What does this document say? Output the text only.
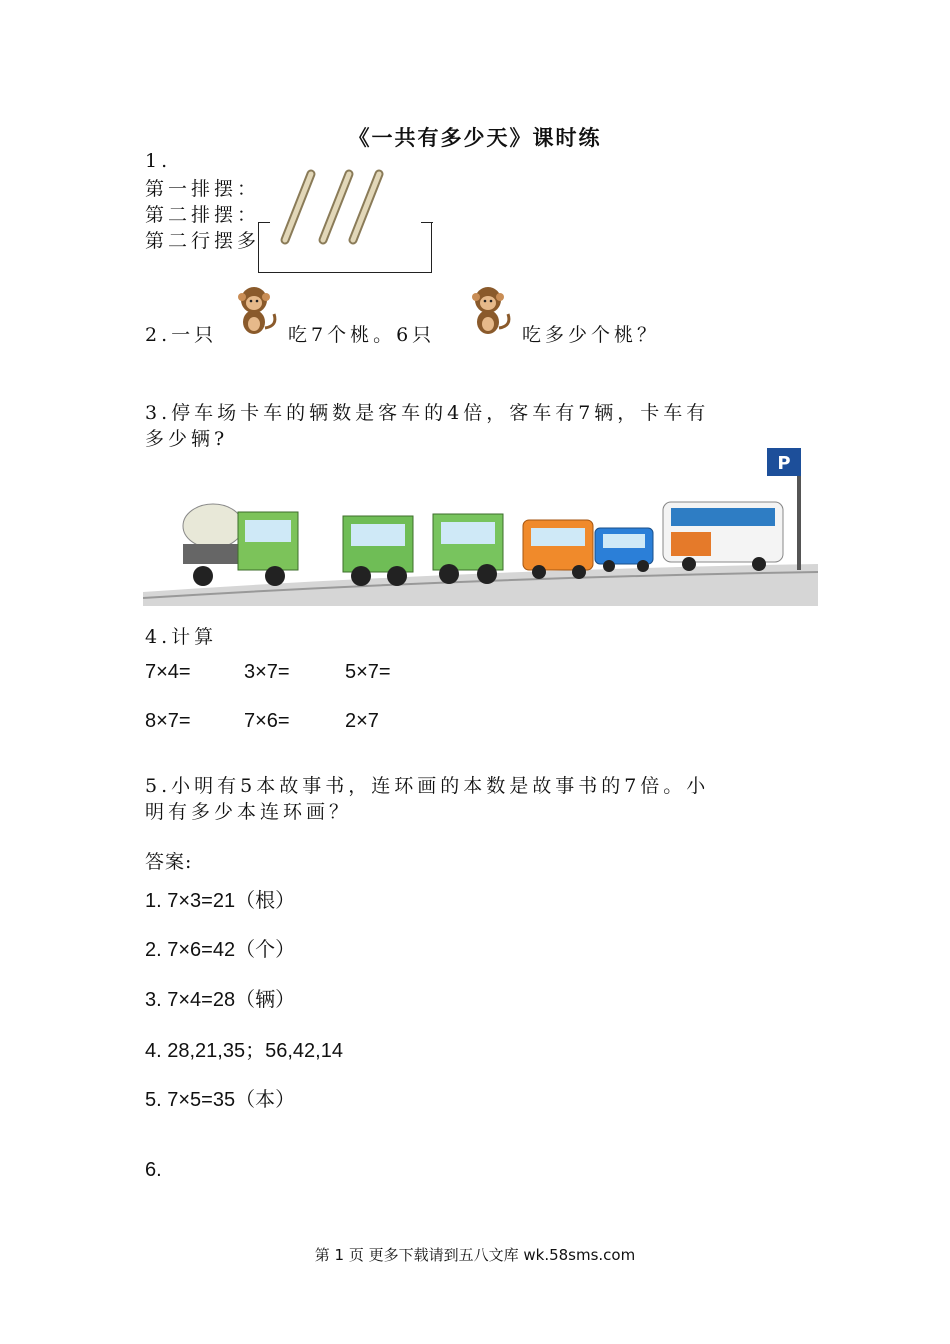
《一共有多少天》课时练
1.
第一排摆：
第二排摆：
第二行摆多
2.一只	吃7个桃。6只	吃多少个桃？
3.停车场卡车的辆数是客车的4倍，客车有7辆，卡车有
多少辆?
P
4.计算
7×4=	3×7=	5×7=
8×7=	7×6=	2×7
5.小明有5本故事书，连环画的本数是故事书的7倍。小
明有多少本连环画？
答案:
1. 7×3=21（根）
2. 7×6=42（个）
3. 7×4=28（辆）
4. 28,21,35；56,42,14
5. 7×5=35（本）
6.
第 1 页 更多下载请到五八文库 wk.58sms.com
